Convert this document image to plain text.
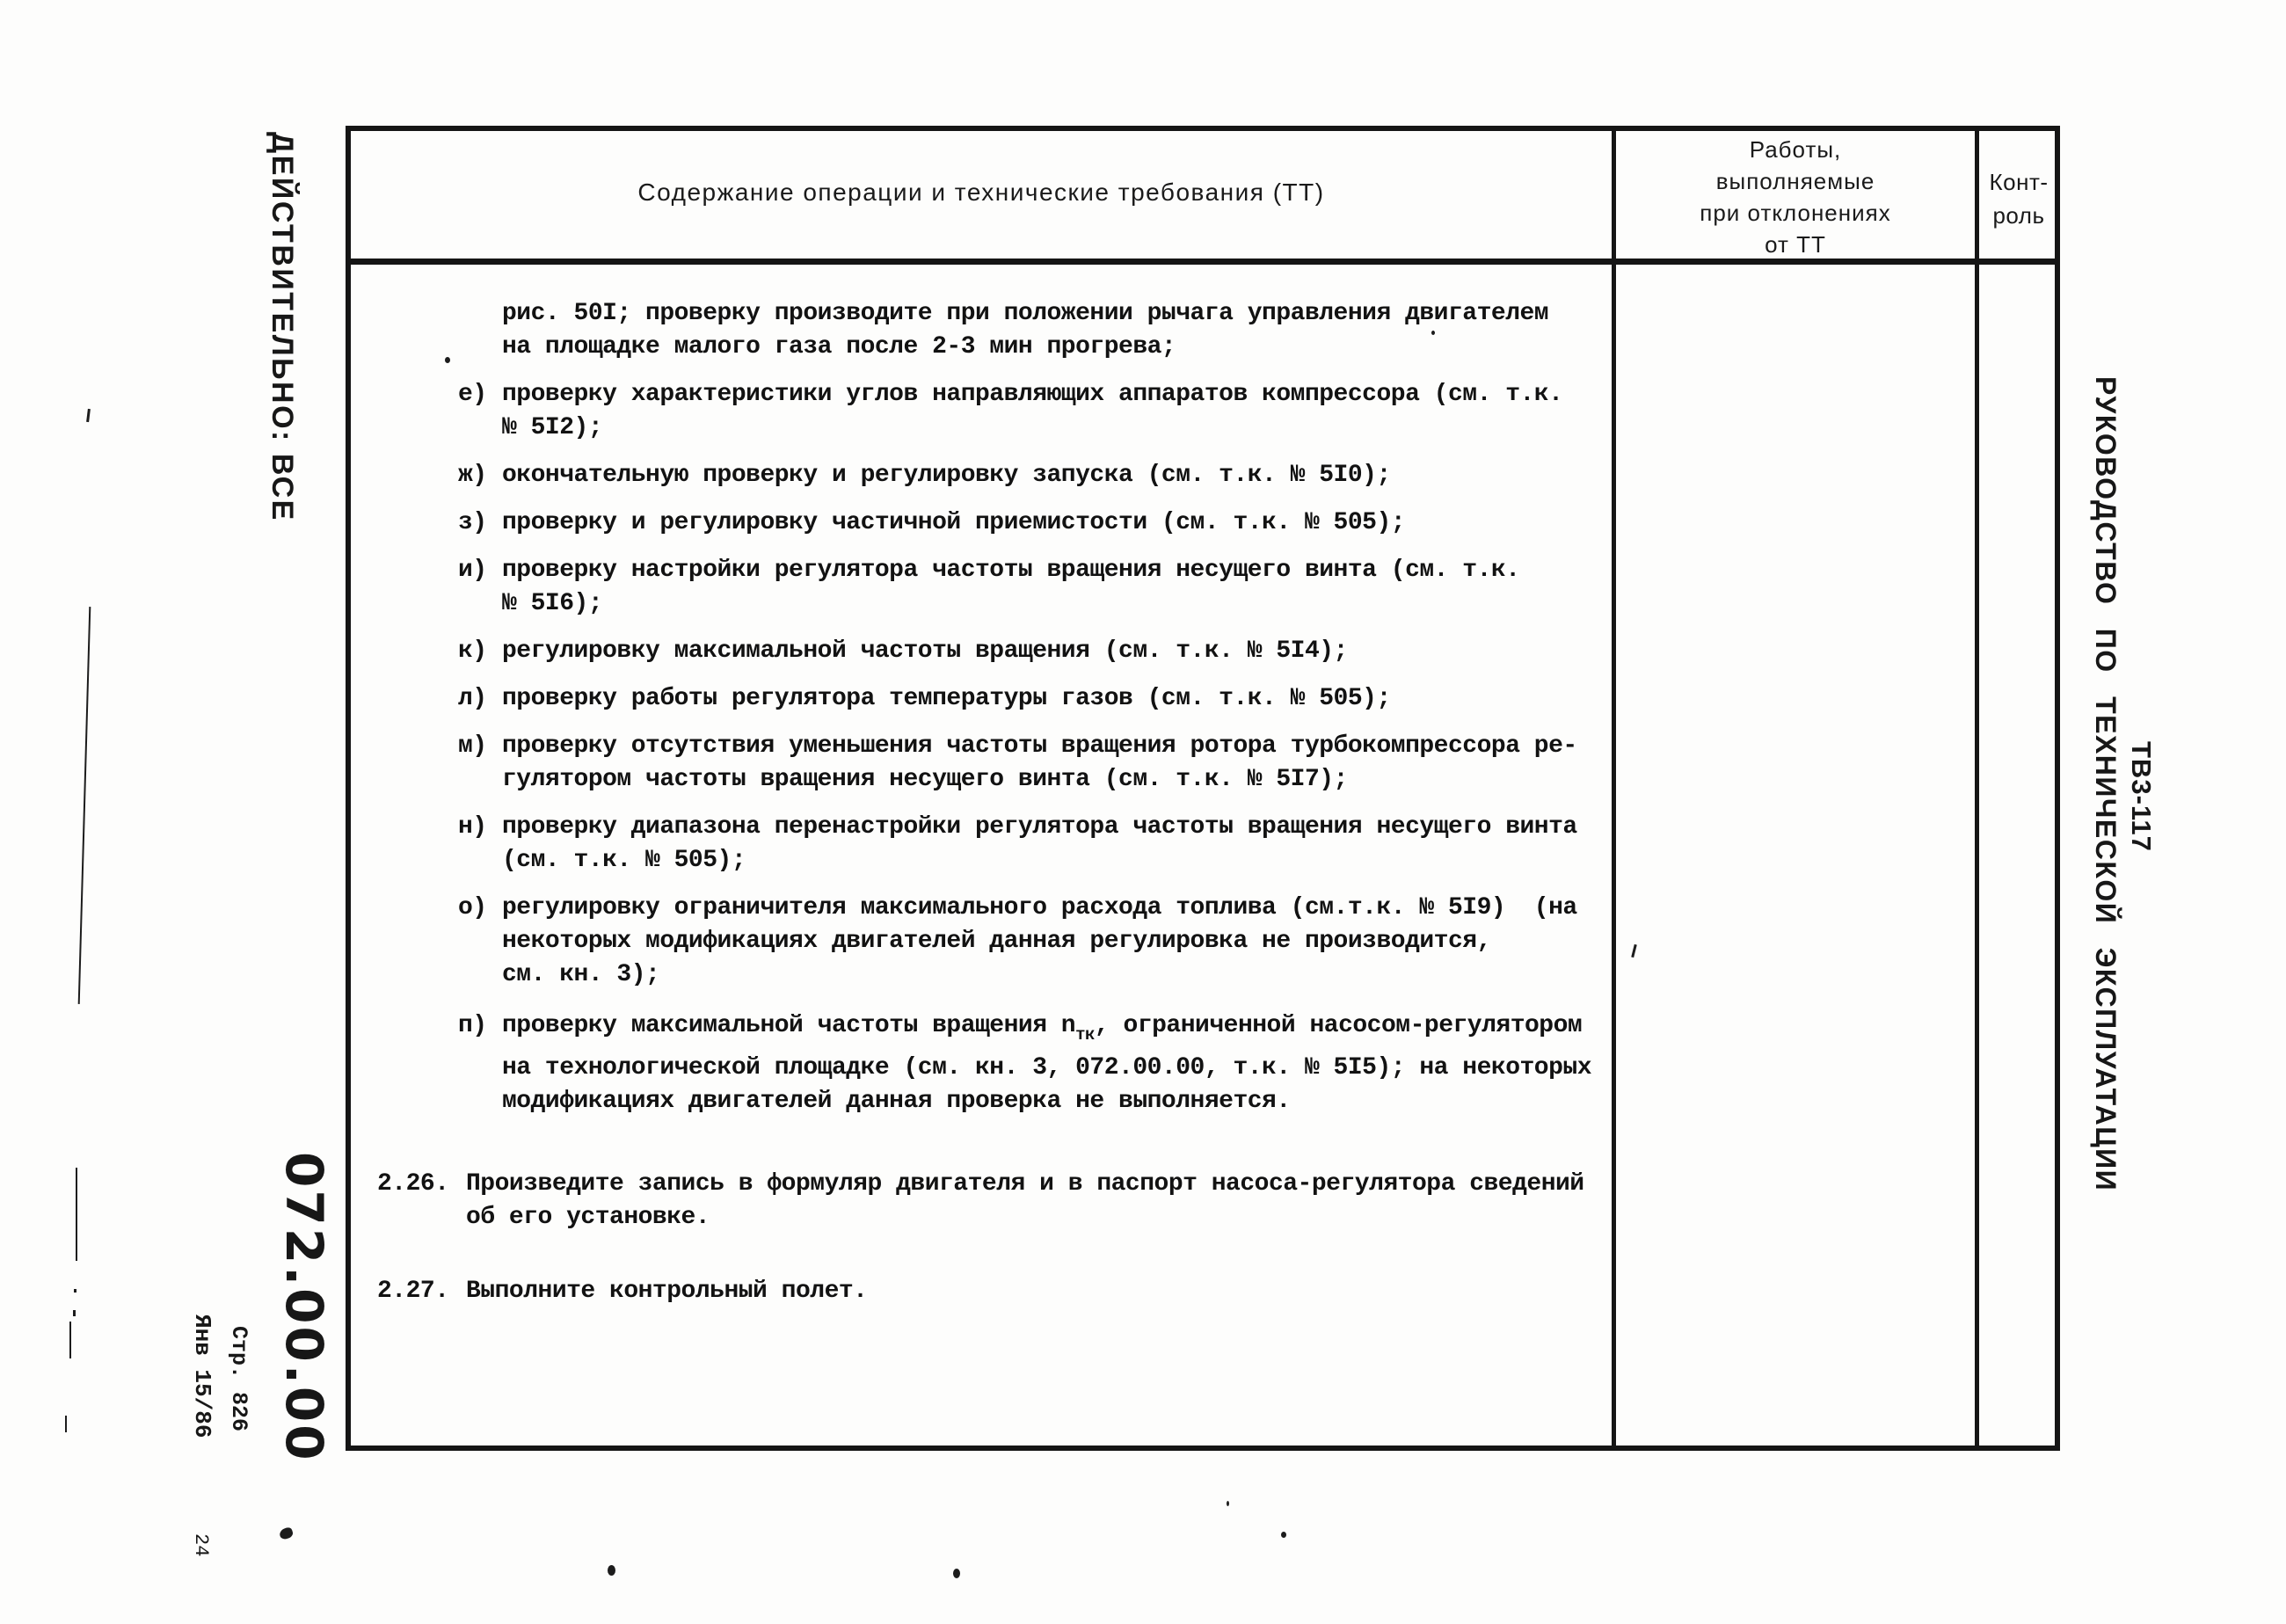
ДЕЙСТВИТЕЛЬНО: ВСЕ
072.00.00
Стр. 826
Янв 15/86
24
ТВ3-117
РУКОВОДСТВО ПО ТЕХНИЧЕСКОЙ ЭКСПЛУАТАЦИИ
Содержание операции и технические требования (ТТ)
Работы,
выполняемые
при отклонениях
от ТТ
Конт-
роль
рис. 50I; проверку производите при положении рычага управления двигателем
на площадке малого газа после 2-3 мин прогрева;
е) проверку характеристики углов направляющих аппаратов компрессора (см. т.к.
№ 5I2);
ж) окончательную проверку и регулировку запуска (см. т.к. № 5I0);
з) проверку и регулировку частичной приемистости (см. т.к. № 505);
и) проверку настройки регулятора частоты вращения несущего винта (см. т.к.
№ 5I6);
к) регулировку максимальной частоты вращения (см. т.к. № 5I4);
л) проверку работы регулятора температуры газов (см. т.к. № 505);
м) проверку отсутствия уменьшения частоты вращения ротора турбокомпрессора ре-
гулятором частоты вращения несущего винта (см. т.к. № 5I7);
н) проверку диапазона перенастройки регулятора частоты вращения несущего винта
(см. т.к. № 505);
о) регулировку ограничителя максимального расхода топлива (см.т.к. № 5I9)  (на
некоторых модификациях двигателей данная регулировка не производится,
см. кн. 3);
п) проверку максимальной частоты вращения $n_{тк}$, ограниченной насосом-регулятором
на технологической площадке (см. кн. 3, 072.00.00, т.к. № 5I5); на некоторых
модификациях двигателей данная проверка не выполняется.
2.26. Произведите запись в формуляр двигателя и в паспорт насоса-регулятора сведений
об его установке.
2.27. Выполните контрольный полет.
